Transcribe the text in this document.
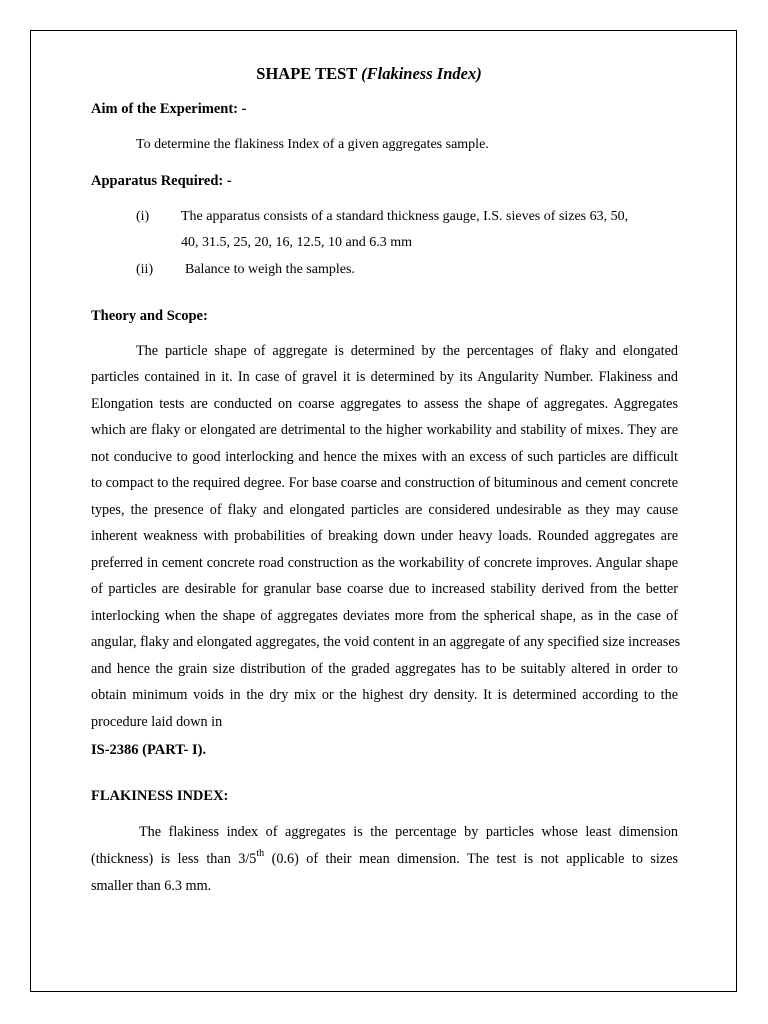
SHAPE TEST (Flakiness Index)
Aim of the Experiment: -
To determine the flakiness Index of a given aggregates sample.
Apparatus Required: -
(i) The apparatus consists of a standard thickness gauge, I.S. sieves of sizes 63, 50,
40, 31.5, 25, 20, 16, 12.5, 10 and 6.3 mm
(ii) Balance to weigh the samples.
Theory and Scope:
The particle shape of aggregate is determined by the percentages of flaky and elongated
particles contained in it. In case of gravel it is determined by its Angularity Number. Flakiness and
Elongation tests are conducted on coarse aggregates to assess the shape of aggregates. Aggregates
which are flaky or elongated are detrimental to the higher workability and stability of mixes. They are
not conducive to good interlocking and hence the mixes with an excess of such particles are difficult
to compact to the required degree. For base coarse and construction of bituminous and cement concrete
types, the presence of flaky and elongated particles are considered undesirable as they may cause
inherent weakness with probabilities of breaking down under heavy loads. Rounded aggregates are
preferred in cement concrete road construction as the workability of concrete improves. Angular shape
of particles are desirable for granular base coarse due to increased stability derived from the better
interlocking when the shape of aggregates deviates more from the spherical shape, as in the case of
angular, flaky and elongated aggregates, the void content in an aggregate of any specified size increases
and hence the grain size distribution of the graded aggregates has to be suitably altered in order to
obtain minimum voids in the dry mix or the highest dry density. It is determined according to the
procedure laid down in
IS-2386 (PART- I).
FLAKINESS INDEX:
The flakiness index of aggregates is the percentage by particles whose least dimension
(thickness) is less than 3/5th (0.6) of their mean dimension. The test is not applicable to sizes
smaller than 6.3 mm.
